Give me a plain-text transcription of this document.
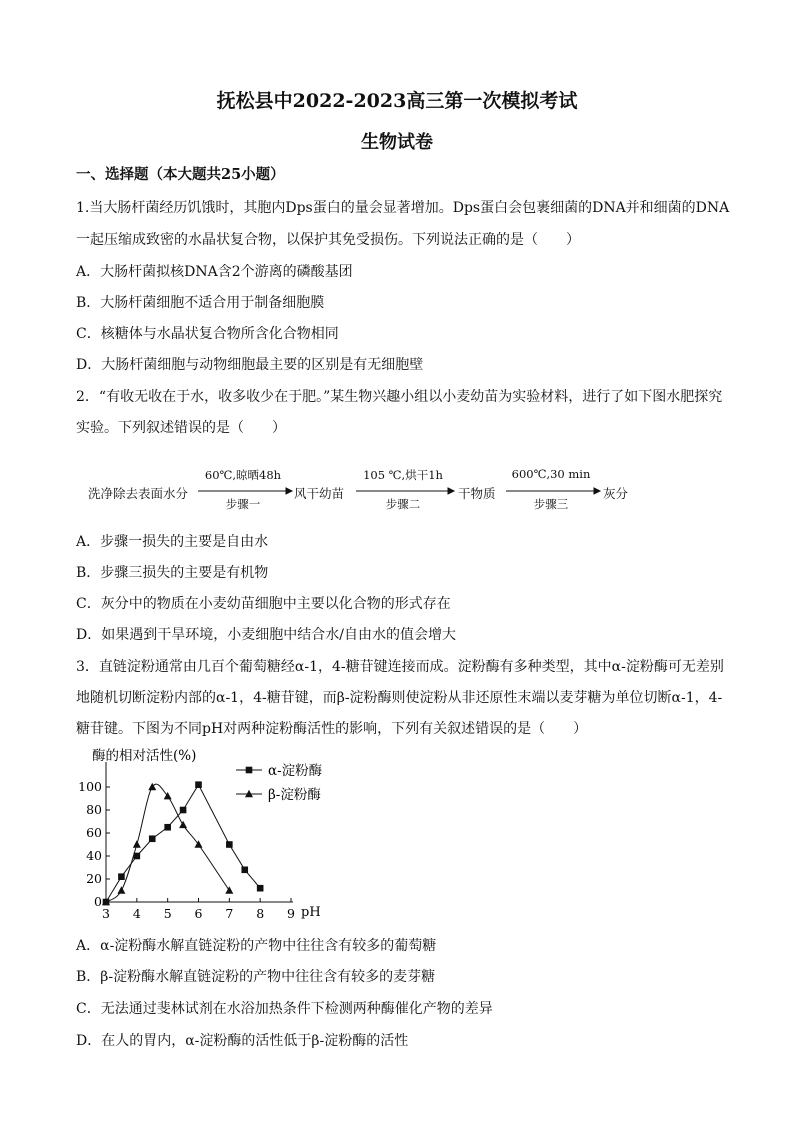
抚松县中2022-2023高三第一次模拟考试
生物试卷
一、选择题（本大题共25小题）
1.当大肠杆菌经历饥饿时，其胞内Dps蛋白的量会显著增加。Dps蛋白会包裹细菌的DNA并和细菌的DNA
一起压缩成致密的水晶状复合物，以保护其免受损伤。下列说法正确的是（　　）
A．大肠杆菌拟核DNA含2个游离的磷酸基团
B．大肠杆菌细胞不适合用于制备细胞膜
C．核糖体与水晶状复合物所含化合物相同
D．大肠杆菌细胞与动物细胞最主要的区别是有无细胞壁
2．“有收无收在于水，收多收少在于肥。”某生物兴趣小组以小麦幼苗为实验材料，进行了如下图水肥探究
实验。下列叙述错误的是（　　）
洗净除去表面水分
60℃,晾晒48h
步骤一
风干幼苗
105 ℃,烘干1h
步骤二
干物质
600℃,30 min
步骤三
灰分
A．步骤一损失的主要是自由水
B．步骤三损失的主要是有机物
C．灰分中的物质在小麦幼苗细胞中主要以化合物的形式存在
D．如果遇到干旱环境，小麦细胞中结合水/自由水的值会增大
3．直链淀粉通常由几百个葡萄糖经α-1，4-糖苷键连接而成。淀粉酶有多种类型，其中α-淀粉酶可无差别
地随机切断淀粉内部的α-1，4-糖苷键，而β-淀粉酶则使淀粉从非还原性末端以麦芽糖为单位切断α-1，4-
糖苷键。下图为不同pH对两种淀粉酶活性的影响，下列有关叙述错误的是（　　）
酶的相对活性(%)
0
20
40
60
80
100
3 4 5 6 7 8 9 pH
α-淀粉酶
β-淀粉酶
A．α-淀粉酶水解直链淀粉的产物中往往含有较多的葡萄糖
B．β-淀粉酶水解直链淀粉的产物中往往含有较多的麦芽糖
C．无法通过斐林试剂在水浴加热条件下检测两种酶催化产物的差异
D．在人的胃内，α-淀粉酶的活性低于β-淀粉酶的活性
